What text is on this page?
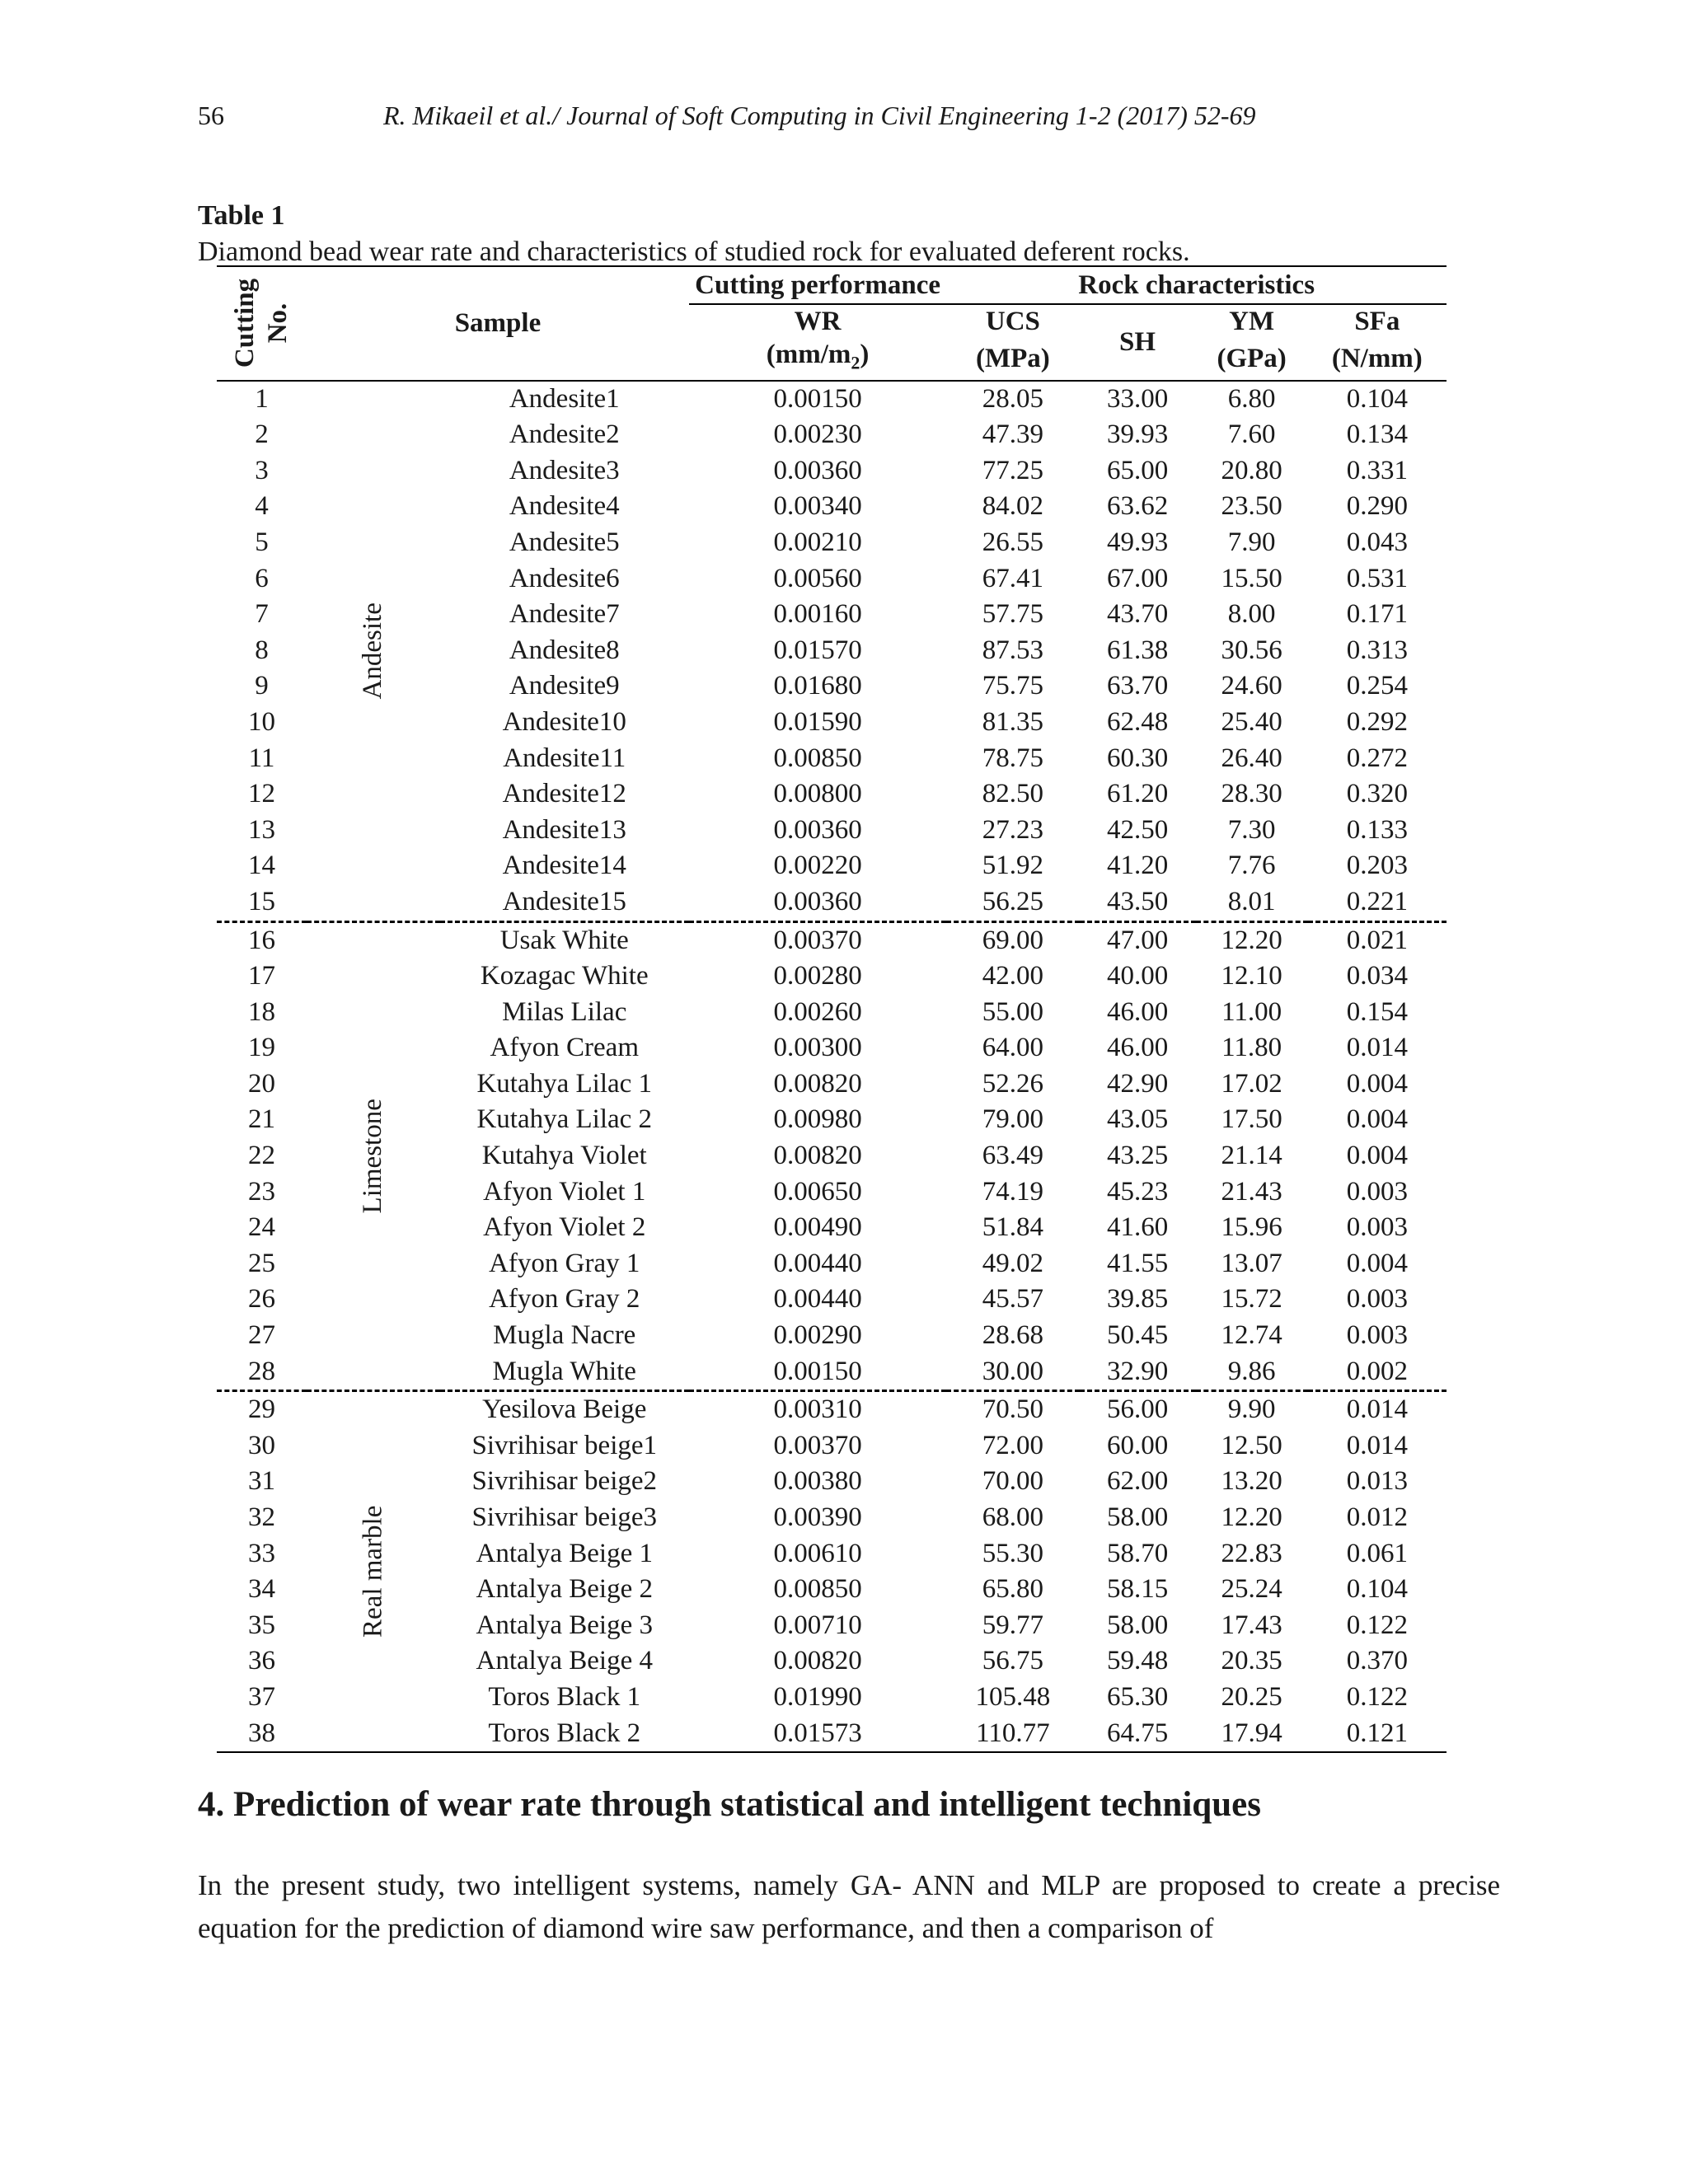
56	R. Mikaeil et al./ Journal of Soft Computing in Civil Engineering 1-2 (2017) 52-69
Table 1
Diamond bead wear rate and characteristics of studied rock for evaluated deferent rocks.
Cutting No.	Sample		Cutting performance	Rock characteristics			
			WR	UCS	SH	YM	SFa
			$(mm/m_2)$	(MPa)		(GPa)	(N/mm)
1	Andesite	Andesite1	0.00150	28.05	33.00	6.80	0.104
2		Andesite2	0.00230	47.39	39.93	7.60	0.134
3		Andesite3	0.00360	77.25	65.00	20.80	0.331
4		Andesite4	0.00340	84.02	63.62	23.50	0.290
5		Andesite5	0.00210	26.55	49.93	7.90	0.043
6		Andesite6	0.00560	67.41	67.00	15.50	0.531
7		Andesite7	0.00160	57.75	43.70	8.00	0.171
8		Andesite8	0.01570	87.53	61.38	30.56	0.313
9		Andesite9	0.01680	75.75	63.70	24.60	0.254
10		Andesite10	0.01590	81.35	62.48	25.40	0.292
11		Andesite11	0.00850	78.75	60.30	26.40	0.272
12		Andesite12	0.00800	82.50	61.20	28.30	0.320
13		Andesite13	0.00360	27.23	42.50	7.30	0.133
14		Andesite14	0.00220	51.92	41.20	7.76	0.203
15		Andesite15	0.00360	56.25	43.50	8.01	0.221
16	Limestone	Usak White	0.00370	69.00	47.00	12.20	0.021
17		Kozagac White	0.00280	42.00	40.00	12.10	0.034
18		Milas Lilac	0.00260	55.00	46.00	11.00	0.154
19		Afyon Cream	0.00300	64.00	46.00	11.80	0.014
20		Kutahya Lilac 1	0.00820	52.26	42.90	17.02	0.004
21		Kutahya Lilac 2	0.00980	79.00	43.05	17.50	0.004
22		Kutahya Violet	0.00820	63.49	43.25	21.14	0.004
23		Afyon Violet 1	0.00650	74.19	45.23	21.43	0.003
24		Afyon Violet 2	0.00490	51.84	41.60	15.96	0.003
25		Afyon Gray 1	0.00440	49.02	41.55	13.07	0.004
26		Afyon Gray 2	0.00440	45.57	39.85	15.72	0.003
27		Mugla Nacre	0.00290	28.68	50.45	12.74	0.003
28		Mugla White	0.00150	30.00	32.90	9.86	0.002
29	Real marble	Yesilova Beige	0.00310	70.50	56.00	9.90	0.014
30		Sivrihisar beige1	0.00370	72.00	60.00	12.50	0.014
31		Sivrihisar beige2	0.00380	70.00	62.00	13.20	0.013
32		Sivrihisar beige3	0.00390	68.00	58.00	12.20	0.012
33		Antalya Beige 1	0.00610	55.30	58.70	22.83	0.061
34		Antalya Beige 2	0.00850	65.80	58.15	25.24	0.104
35		Antalya Beige 3	0.00710	59.77	58.00	17.43	0.122
36		Antalya Beige 4	0.00820	56.75	59.48	20.35	0.370
37		Toros Black 1	0.01990	105.48	65.30	20.25	0.122
38		Toros Black 2	0.01573	110.77	64.75	17.94	0.121
4. Prediction of wear rate through statistical and intelligent techniques
In the present study, two intelligent systems, namely GA- ANN and MLP are proposed to create a precise equation for the prediction of diamond wire saw performance, and then a comparison of
